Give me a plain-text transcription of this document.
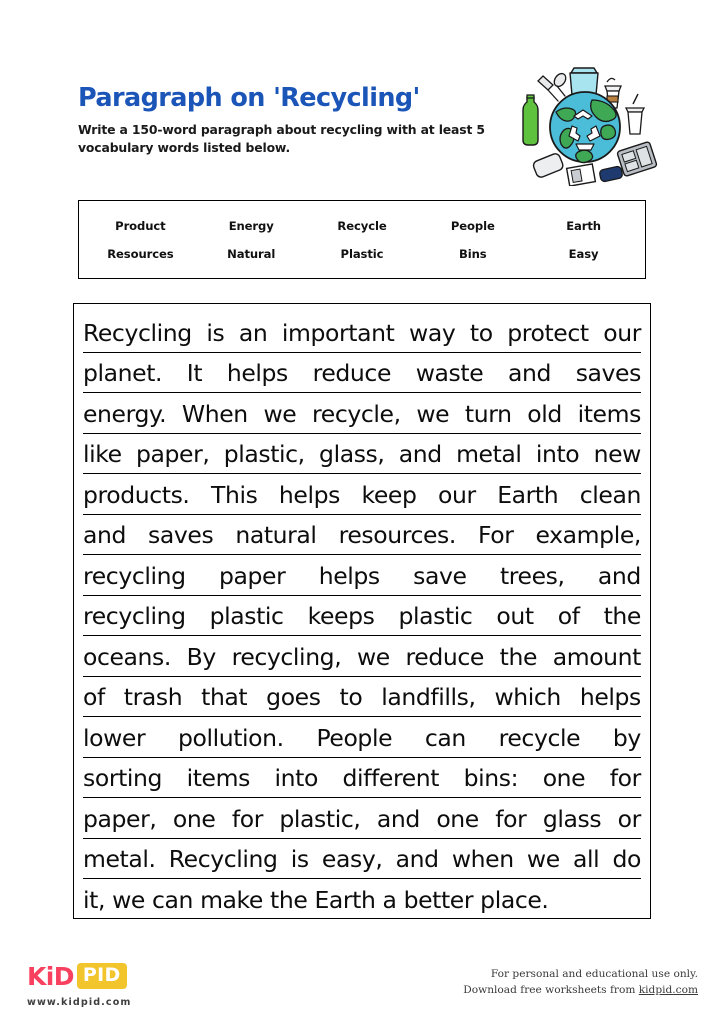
Paragraph on 'Recycling'
Write a 150-word paragraph about recycling with at least 5 vocabulary words listed below.
Product	Energy	Recycle	People	Earth
Resources	Natural	Plastic	Bins	Easy
Recycling is an important way to protect our
planet. It helps reduce waste and saves
energy. When we recycle, we turn old items
like paper, plastic, glass, and metal into new
products. This helps keep our Earth clean
and saves natural resources. For example,
recycling paper helps save trees, and
recycling plastic keeps plastic out of the
oceans. By recycling, we reduce the amount
of trash that goes to landfills, which helps
lower pollution. People can recycle by
sorting items into different bins: one for
paper, one for plastic, and one for glass or
metal. Recycling is easy, and when we all do
it, we can make the Earth a better place.
KiD PID
www.kidpid.com
For personal and educational use only.
Download free worksheets from kidpid.com
